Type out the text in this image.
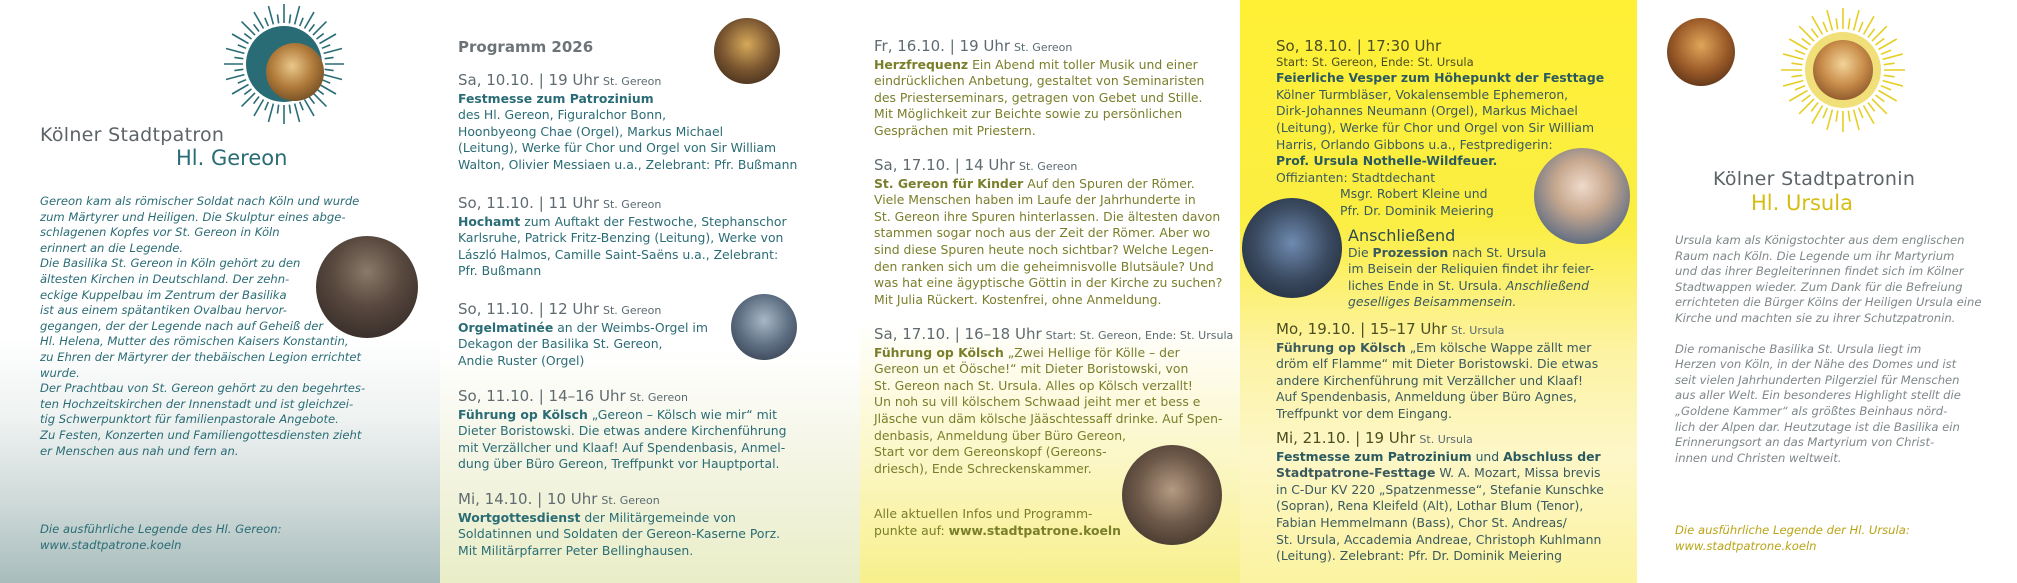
Kölner Stadtpatron
Hl. Gereon

Gereon kam als römischer Soldat nach Köln und wurde

zum Märtyrer und Heiligen. Die Skulptur eines abge-

schlagenen Kopfes vor St. Gereon in Köln

erinnert an die Legende.

Die Basilika St. Gereon in Köln gehört zu den

ältesten Kirchen in Deutschland. Der zehn-

eckige Kuppelbau im Zentrum der Basilika

ist aus einem spätantiken Ovalbau hervor-

gegangen, der der Legende nach auf Geheiß der

Hl. Helena, Mutter des römischen Kaisers Konstantin,

zu Ehren der Märtyrer der thebäischen Legion errichtet

wurde.

Der Prachtbau von St. Gereon gehört zu den begehrtes-

ten Hochzeitskirchen der Innenstadt und ist gleichzei-

tig Schwerpunktort für familienpastorale Angebote.

Zu Festen, Konzerten und Familiengottesdiensten zieht

er Menschen aus nah und fern an.

Die ausführliche Legende des Hl. Gereon:

www.stadtpatrone.koeln

Programm 2026

Sa, 10.10. | 19 Uhr St. Gereon

Festmesse zum Patrozinium

des Hl. Gereon, Figuralchor Bonn,

Hoonbyeong Chae (Orgel), Markus Michael

(Leitung), Werke für Chor und Orgel von Sir William

Walton, Olivier Messiaen u.a., Zelebrant: Pfr. Bußmann

So, 11.10. | 11 Uhr St. Gereon

Hochamt zum Auftakt der Festwoche, Stephanschor

Karlsruhe, Patrick Fritz-Benzing (Leitung), Werke von

László Halmos, Camille Saint-Saëns u.a., Zelebrant:

Pfr. Bußmann

So, 11.10. | 12 Uhr St. Gereon

Orgelmatinée an der Weimbs-Orgel im

Dekagon der Basilika St. Gereon,

Andie Ruster (Orgel)

So, 11.10. | 14–16 Uhr St. Gereon

Führung op Kölsch „Gereon – Kölsch wie mir“ mit

Dieter Boristowski. Die etwas andere Kirchenführung

mit Verzällcher und Klaaf! Auf Spendenbasis, Anmel-

dung über Büro Gereon, Treffpunkt vor Hauptportal.

Mi, 14.10. | 10 Uhr St. Gereon

Wortgottesdienst der Militärgemeinde von

Soldatinnen und Soldaten der Gereon-Kaserne Porz.

Mit Militärpfarrer Peter Bellinghausen.

Fr, 16.10. | 19 Uhr St. Gereon

Herzfrequenz Ein Abend mit toller Musik und einer

eindrücklichen Anbetung, gestaltet von Seminaristen

des Priesterseminars, getragen von Gebet und Stille.

Mit Möglichkeit zur Beichte sowie zu persönlichen

Gesprächen mit Priestern.

Sa, 17.10. | 14 Uhr St. Gereon

St. Gereon für Kinder Auf den Spuren der Römer.

Viele Menschen haben im Laufe der Jahrhunderte in

St. Gereon ihre Spuren hinterlassen. Die ältesten davon

stammen sogar noch aus der Zeit der Römer. Aber wo

sind diese Spuren heute noch sichtbar? Welche Legen-

den ranken sich um die geheimnisvolle Blutsäule? Und

was hat eine ägyptische Göttin in der Kirche zu suchen?

Mit Julia Rückert. Kostenfrei, ohne Anmeldung.

Sa, 17.10. | 16–18 Uhr Start: St. Gereon, Ende: St. Ursula

Führung op Kölsch „Zwei Hellige för Kölle – der

Gereon un et Öösche!“ mit Dieter Boristowski, von

St. Gereon nach St. Ursula. Alles op Kölsch verzallt!

Un noh su vill kölschem Schwaad jeiht mer et bess e

Jläsche vun däm kölsche Jääschtessaff drinke. Auf Spen-

denbasis, Anmeldung über Büro Gereon,

Start vor dem Gereonskopf (Gereons-

driesch), Ende Schreckenskammer.

Alle aktuellen Infos und Programm-

punkte auf: www.stadtpatrone.koeln

So, 18.10. | 17:30 Uhr

Start: St. Gereon, Ende: St. Ursula

Feierliche Vesper zum Höhepunkt der Festtage

Kölner Turmbläser, Vokalensemble Ephemeron,

Dirk-Johannes Neumann (Orgel), Markus Michael

(Leitung), Werke für Chor und Orgel von Sir William

Harris, Orlando Gibbons u.a., Festpredigerin:

Prof. Ursula Nothelle-Wildfeuer.

Offizianten: Stadtdechant

Msgr. Robert Kleine und

Pfr. Dr. Dominik Meiering

Anschließend

Die Prozession nach St. Ursula

im Beisein der Reliquien findet ihr feier-

liches Ende in St. Ursula. Anschließend

geselliges Beisammensein.

Mo, 19.10. | 15–17 Uhr St. Ursula

Führung op Kölsch „Em kölsche Wappe zällt mer

dröm elf Flamme“ mit Dieter Boristowski. Die etwas

andere Kirchenführung mit Verzällcher und Klaaf!

Auf Spendenbasis, Anmeldung über Büro Agnes,

Treffpunkt vor dem Eingang.

Mi, 21.10. | 19 Uhr St. Ursula

Festmesse zum Patrozinium und Abschluss der

Stadtpatrone-Festtage W. A. Mozart, Missa brevis

in C-Dur KV 220 „Spatzenmesse“, Stefanie Kunschke

(Sopran), Rena Kleifeld (Alt), Lothar Blum (Tenor),

Fabian Hemmelmann (Bass), Chor St. Andreas/

St. Ursula, Accademia Andreae, Christoph Kuhlmann

(Leitung). Zelebrant: Pfr. Dr. Dominik Meiering

Kölner Stadtpatronin
Hl. Ursula

Ursula kam als Königstochter aus dem englischen

Raum nach Köln. Die Legende um ihr Martyrium

und das ihrer Begleiterinnen findet sich im Kölner

Stadtwappen wieder. Zum Dank für die Befreiung

errichteten die Bürger Kölns der Heiligen Ursula eine

Kirche und machten sie zu ihrer Schutzpatronin.

Die romanische Basilika St. Ursula liegt im

Herzen von Köln, in der Nähe des Domes und ist

seit vielen Jahrhunderten Pilgerziel für Menschen

aus aller Welt. Ein besonderes Highlight stellt die

„Goldene Kammer“ als größtes Beinhaus nörd-

lich der Alpen dar. Heutzutage ist die Basilika ein

Erinnerungsort an das Martyrium von Christ-

innen und Christen weltweit.

Die ausführliche Legende der Hl. Ursula:

www.stadtpatrone.koeln
